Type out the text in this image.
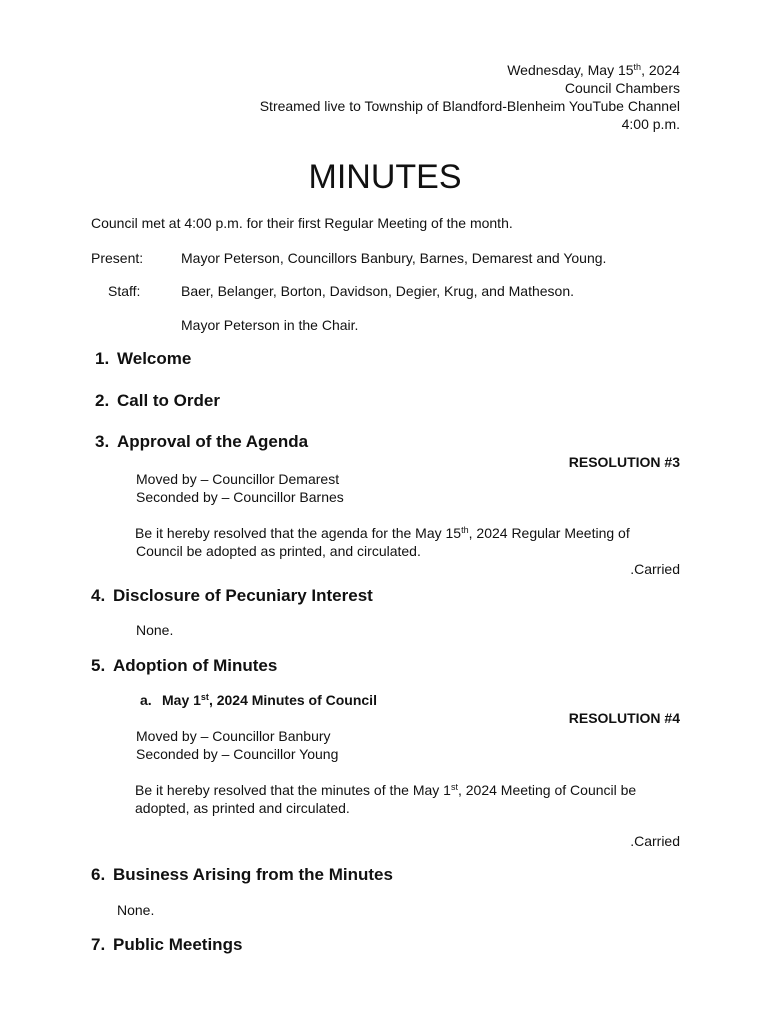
Wednesday, May 15th, 2024
Council Chambers
Streamed live to Township of Blandford-Blenheim YouTube Channel
4:00 p.m.
MINUTES
Council met at 4:00 p.m. for their first Regular Meeting of the month.
Present:	Mayor Peterson, Councillors Banbury, Barnes, Demarest and Young.
Staff:	Baer, Belanger, Borton, Davidson, Degier, Krug, and Matheson.
Mayor Peterson in the Chair.
1. Welcome
2. Call to Order
3. Approval of the Agenda
RESOLUTION #3
Moved by – Councillor Demarest
Seconded by – Councillor Barnes
Be it hereby resolved that the agenda for the May 15th, 2024 Regular Meeting of
Council be adopted as printed, and circulated.
.Carried
4. Disclosure of Pecuniary Interest
None.
5. Adoption of Minutes
a. May 1st, 2024 Minutes of Council
RESOLUTION #4
Moved by – Councillor Banbury
Seconded by – Councillor Young
Be it hereby resolved that the minutes of the May 1st, 2024 Meeting of Council be
adopted, as printed and circulated.
.Carried
6. Business Arising from the Minutes
None.
7. Public Meetings
